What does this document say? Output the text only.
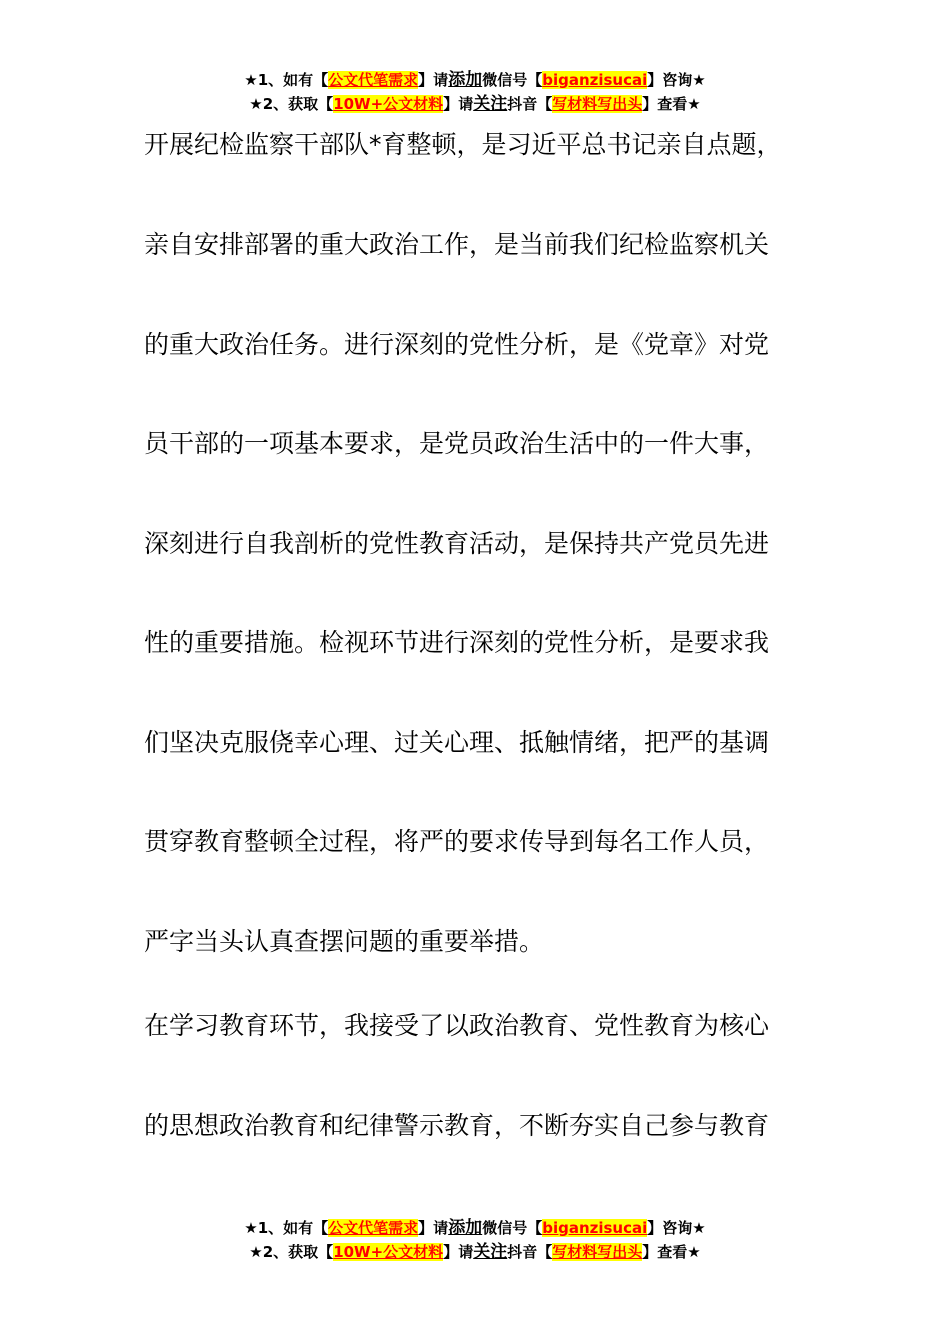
★1、如有【公文代笔需求】请添加微信号【biganzisucai】咨询★
★2、获取【10W+公文材料】请关注抖音【写材料写出头】查看★
开展纪检监察干部队*育整顿，是习近平总书记亲自点题，
亲自安排部署的重大政治工作，是当前我们纪检监察机关
的重大政治任务。进行深刻的党性分析，是《党章》对党
员干部的一项基本要求，是党员政治生活中的一件大事，
深刻进行自我剖析的党性教育活动，是保持共产党员先进
性的重要措施。检视环节进行深刻的党性分析，是要求我
们坚决克服侥幸心理、过关心理、抵触情绪，把严的基调
贯穿教育整顿全过程，将严的要求传导到每名工作人员，
严字当头认真查摆问题的重要举措。
在学习教育环节，我接受了以政治教育、党性教育为核心
的思想政治教育和纪律警示教育，不断夯实自己参与教育
★1、如有【公文代笔需求】请添加微信号【biganzisucai】咨询★
★2、获取【10W+公文材料】请关注抖音【写材料写出头】查看★
